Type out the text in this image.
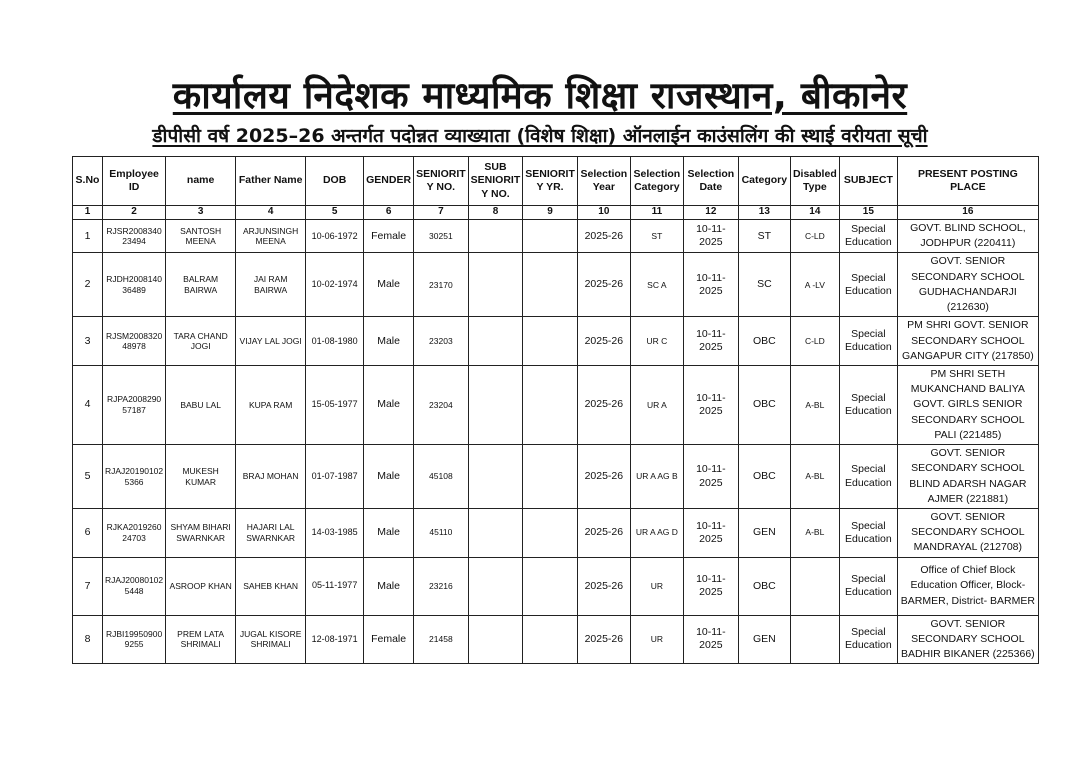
कार्यालय निदेशक माध्यमिक शिक्षा राजस्थान, बीकानेर
डीपीसी वर्ष 2025–26 अन्तर्गत पदोन्नत व्याख्याता (विशेष शिक्षा) ऑनलाईन काउंसलिंग की स्थाई वरीयता सूची
S.No	Employee ID	name	Father Name	DOB	GENDER	SENIORIT Y NO.	SUB SENIORIT Y NO.	SENIORIT Y YR.	Selection Year	Selection Category	Selection Date	Category	Disabled Type	SUBJECT	PRESENT POSTING PLACE
1	2	3	4	5	6	7	8	9	10	11	12	13	14	15	16
1	RJSR2008340 23494	SANTOSH MEENA	ARJUNSINGH MEENA	10-06-1972	Female	30251			2025-26	ST	10-11-2025	ST	C-LD	Special Education	GOVT. BLIND SCHOOL, JODHPUR (220411)
2	RJDH2008140 36489	BALRAM BAIRWA	JAI RAM BAIRWA	10-02-1974	Male	23170			2025-26	SC A	10-11-2025	SC	A -LV	Special Education	GOVT. SENIOR SECONDARY SCHOOL GUDHACHANDARJI (212630)
3	RJSM2008320 48978	TARA CHAND JOGI	VIJAY LAL JOGI	01-08-1980	Male	23203			2025-26	UR C	10-11-2025	OBC	C-LD	Special Education	PM SHRI GOVT. SENIOR SECONDARY SCHOOL GANGAPUR CITY (217850)
4	RJPA2008290 57187	BABU LAL	KUPA RAM	15-05-1977	Male	23204			2025-26	UR A	10-11-2025	OBC	A-BL	Special Education	PM SHRI SETH MUKANCHAND BALIYA GOVT. GIRLS SENIOR SECONDARY SCHOOL PALI (221485)
5	RJAJ20190102 5366	MUKESH KUMAR	BRAJ MOHAN	01-07-1987	Male	45108			2025-26	UR A AG B	10-11-2025	OBC	A-BL	Special Education	GOVT. SENIOR SECONDARY SCHOOL BLIND ADARSH NAGAR AJMER (221881)
6	RJKA2019260 24703	SHYAM BIHARI SWARNKAR	HAJARI LAL SWARNKAR	14-03-1985	Male	45110			2025-26	UR A AG D	10-11-2025	GEN	A-BL	Special Education	GOVT. SENIOR SECONDARY SCHOOL MANDRAYAL (212708)
7	RJAJ20080102 5448	ASROOP KHAN	SAHEB KHAN	05-11-1977	Male	23216			2025-26	UR	10-11-2025	OBC		Special Education	Office of Chief Block Education Officer, Block- BARMER, District- BARMER
8	RJBI19950900 9255	PREM LATA SHRIMALI	JUGAL KISORE SHRIMALI	12-08-1971	Female	21458			2025-26	UR	10-11-2025	GEN		Special Education	GOVT. SENIOR SECONDARY SCHOOL BADHIR BIKANER (225366)
